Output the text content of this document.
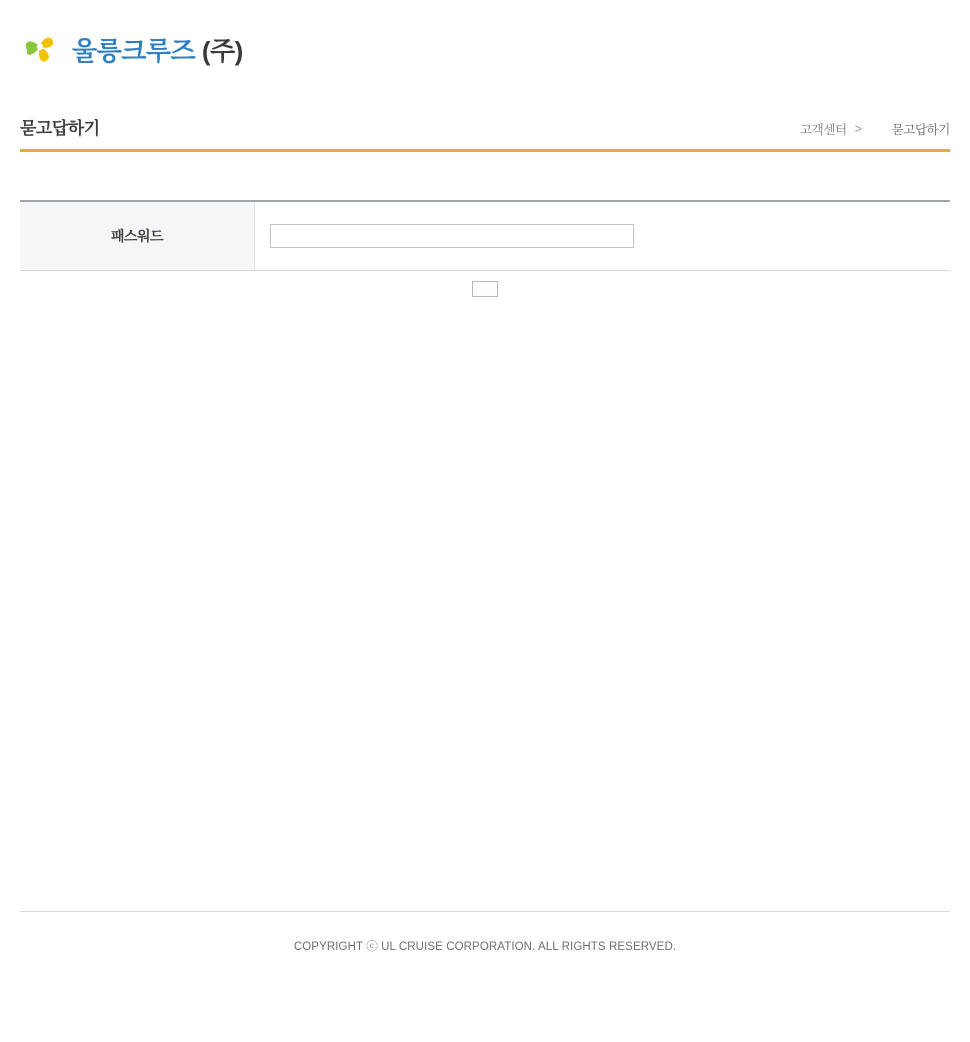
울릉크루즈 (주)
묻고답하기	고객센터 > 묻고답하기
패스워드	
COPYRIGHT ⓒ UL CRUISE CORPORATION. ALL RIGHTS RESERVED.
